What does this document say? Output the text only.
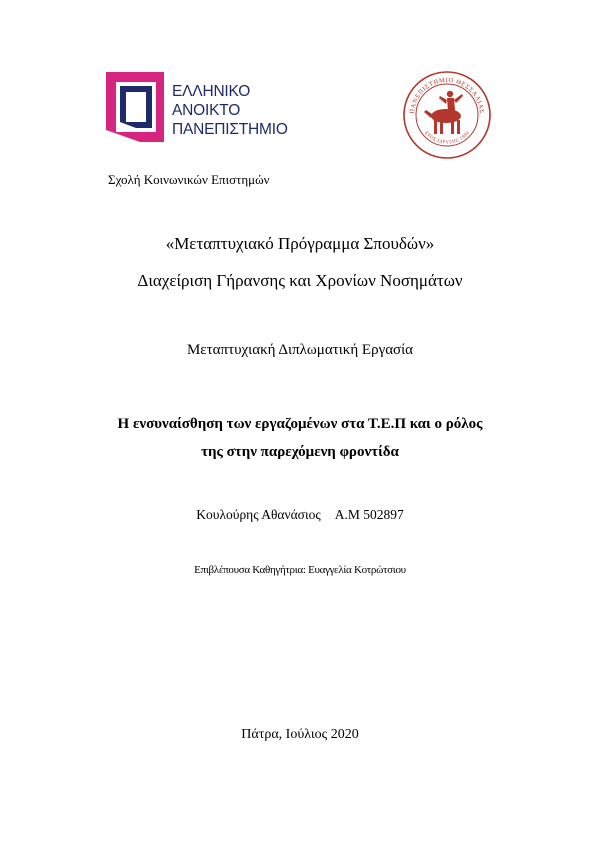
ΕΛΛΗΝΙΚΟ
ΑΝΟΙΚΤΟ
ΠΑΝΕΠΙΣΤΗΜΙΟ
ΠΑΝΕΠΙΣΤΗΜΙΟ ΘΕΣΣΑΛΙΑΣ
ΕΤΟΣ ΙΔΡΥΣΗΣ 1984
Σχολή Κοινωνικών Επιστημών
«Μεταπτυχιακό Πρόγραμμα Σπουδών»
Διαχείριση Γήρανσης και Χρονίων Νοσημάτων
Μεταπτυχιακή Διπλωματική Εργασία
Η ενσυναίσθηση των εργαζομένων στα Τ.Ε.Π και ο ρόλος
της στην παρεχόμενη φροντίδα
Κουλούρης Αθανάσιος Α.Μ 502897
Επιβλέπουσα Καθηγήτρια: Ευαγγελία Κοτρώτσιου
Πάτρα, Ιούλιος 2020
